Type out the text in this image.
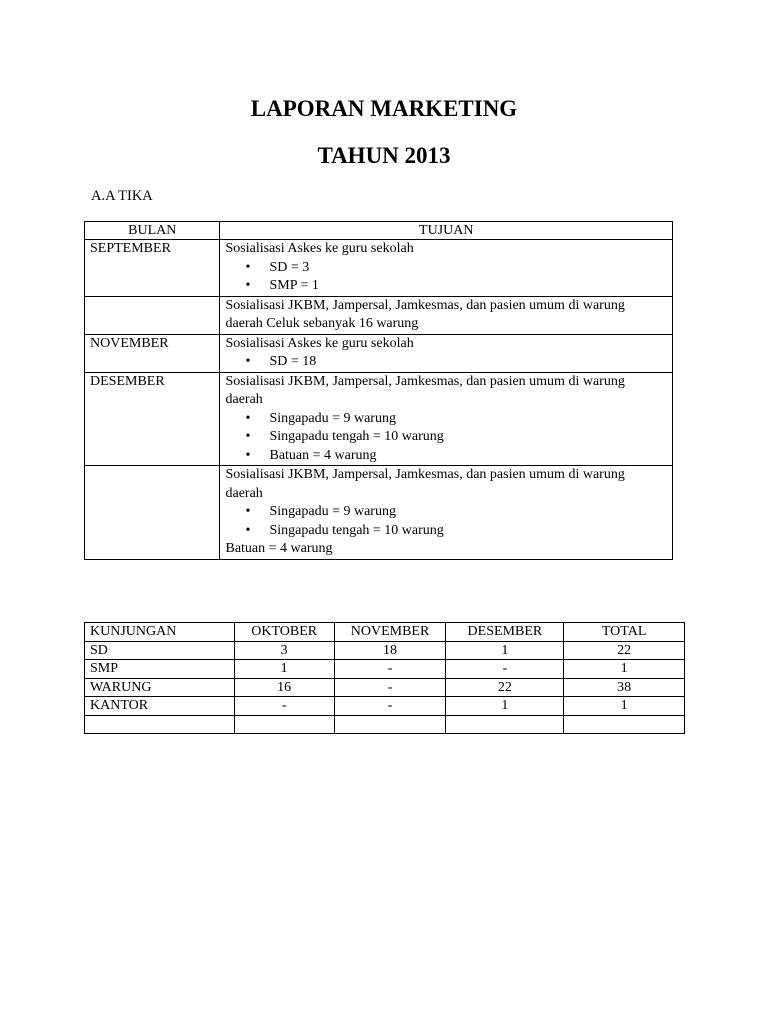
LAPORAN MARKETING
TAHUN 2013
A.A TIKA
BULAN	TUJUAN
SEPTEMBER	Sosialisasi Askes ke guru sekolah
• SD = 3
• SMP = 1

	Sosialisasi JKBM, Jampersal, Jamkesmas, dan pasien umum di warung
daerah Celuk sebanyak 16 warung

NOVEMBER	Sosialisasi Askes ke guru sekolah
• SD = 18

DESEMBER	Sosialisasi JKBM, Jampersal, Jamkesmas, dan pasien umum di warung
daerah
• Singapadu = 9 warung
• Singapadu tengah = 10 warung
• Batuan = 4 warung

	Sosialisasi JKBM, Jampersal, Jamkesmas, dan pasien umum di warung
daerah
• Singapadu = 9 warung
• Singapadu tengah = 10 warung
Batuan = 4 warung
KUNJUNGAN	OKTOBER	NOVEMBER	DESEMBER	TOTAL
SD	3	18	1	22
SMP	1	-	-	1
WARUNG	16	-	22	38
KANTOR	-	-	1	1
